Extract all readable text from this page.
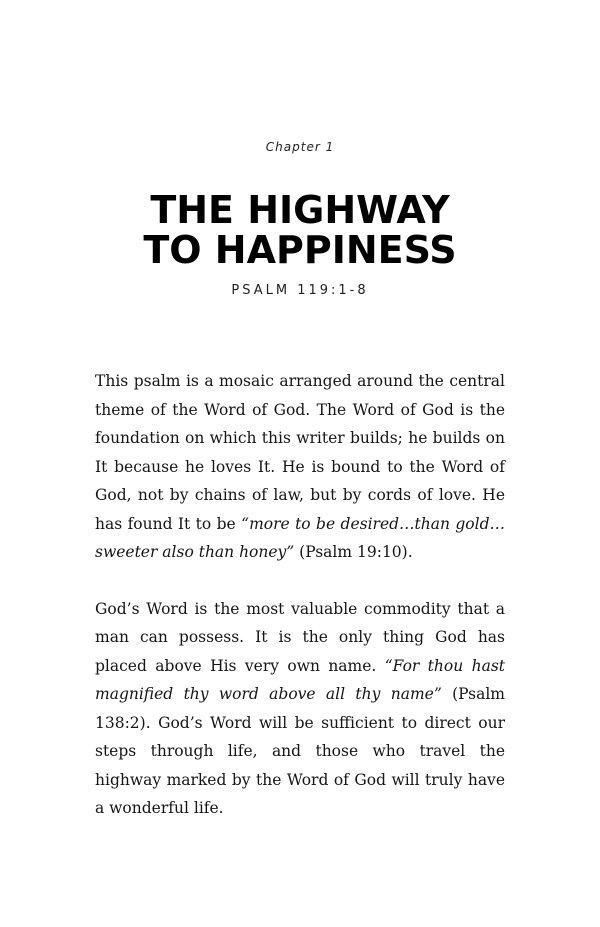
Chapter 1
THE HIGHWAY
TO HAPPINESS
PSALM 119:1-8

This psalm is a mosaic arranged around the central theme of the Word of God. The Word of God is the foundation on which this writer builds; he builds on It because he loves It. He is bound to the Word of God, not by chains of law, but by cords of love. He has found It to be “more to be desired…than gold…sweeter also than honey” (Psalm 19:10).

God’s Word is the most valuable commodity that a man can possess. It is the only thing God has placed above His very own name. “For thou hast magnified thy word above all thy name” (Psalm 138:2). God’s Word will be sufficient to direct our steps through life, and those who travel the highway marked by the Word of God will truly have a wonderful life.
